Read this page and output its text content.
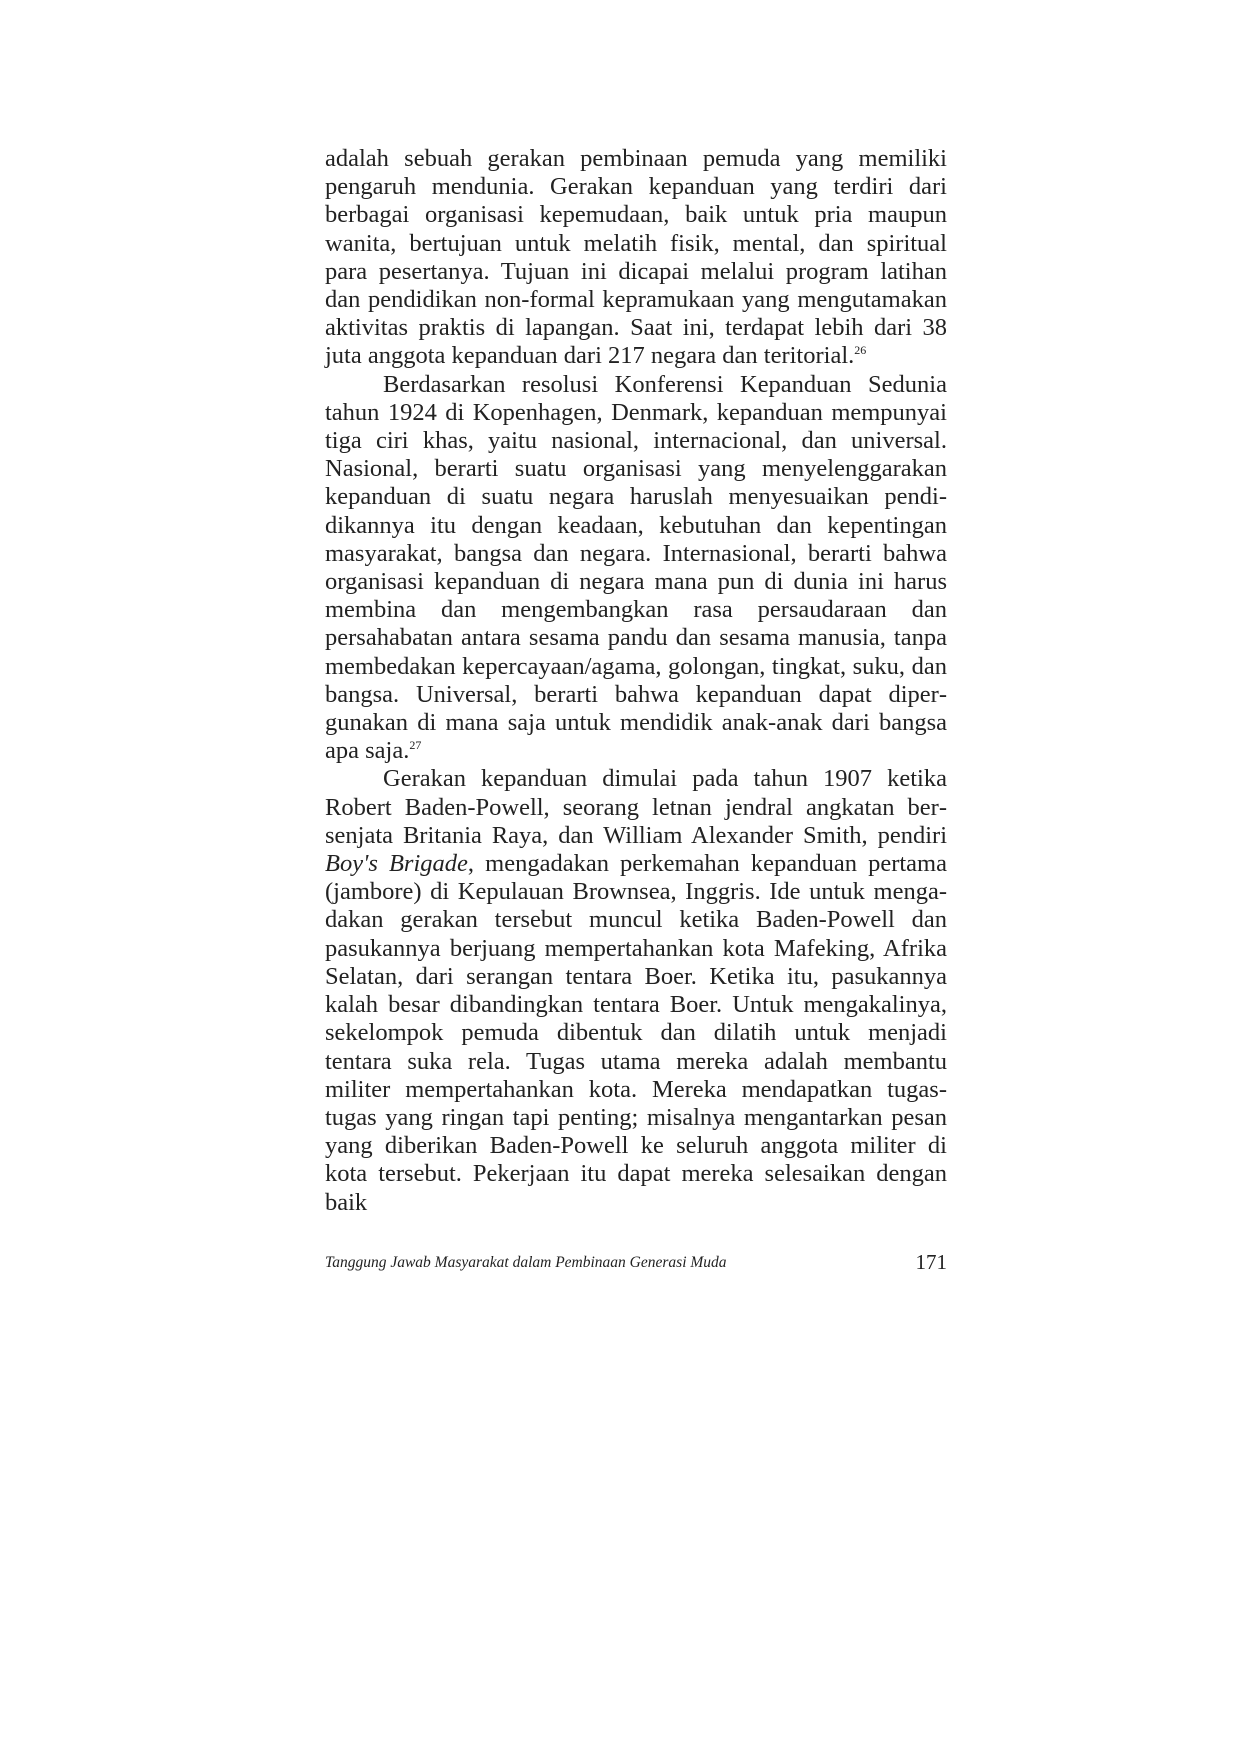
adalah sebuah gerakan pembinaan pemuda yang memiliki pengaruh mendunia. Gerakan kepanduan yang terdiri dari berbagai organisasi kepemudaan, baik untuk pria maupun wanita, bertujuan untuk melatih fisik, mental, dan spiritual para pesertanya. Tujuan ini dicapai melalui program latihan dan pendidikan non-formal kepramukaan yang mengutamakan aktivitas praktis di lapangan. Saat ini, terdapat lebih dari 38 juta anggota kepanduan dari 217 negara dan teritorial.$^{26}$

Berdasarkan resolusi Konferensi Kepanduan Sedunia tahun 1924 di Kopenhagen, Denmark, kepanduan mempunyai tiga ciri khas, yaitu nasional, internacional, dan universal. Nasional, berarti suatu organisasi yang menyelenggarakan kepanduan di suatu negara haruslah menyesuaikan pendidikannya itu dengan keadaan, kebutuhan dan kepentingan masyarakat, bangsa dan negara. Internasional, berarti bahwa organisasi kepanduan di negara mana pun di dunia ini harus membina dan mengembangkan rasa persaudaraan dan persahabatan antara sesama pandu dan sesama manusia, tanpa membedakan kepercayaan/agama, golongan, tingkat, suku, dan bangsa. Universal, berarti bahwa kepanduan dapat dipergunakan di mana saja untuk mendidik anak-anak dari bangsa apa saja.$^{27}$

Gerakan kepanduan dimulai pada tahun 1907 ketika Robert Baden-Powell, seorang letnan jendral angkatan bersenjata Britania Raya, dan William Alexander Smith, pendiri Boy's Brigade, mengadakan perkemahan kepanduan pertama (jambore) di Kepulauan Brownsea, Inggris. Ide untuk mengadakan gerakan tersebut muncul ketika Baden-Powell dan pasukannya berjuang mempertahankan kota Mafeking, Afrika Selatan, dari serangan tentara Boer. Ketika itu, pasukannya kalah besar dibandingkan tentara Boer. Untuk mengakalinya, sekelompok pemuda dibentuk dan dilatih untuk menjadi tentara suka rela. Tugas utama mereka adalah membantu militer mempertahankan kota. Mereka mendapatkan tugas-tugas yang ringan tapi penting; misalnya mengantarkan pesan yang diberikan Baden-Powell ke seluruh anggota militer di kota tersebut. Pekerjaan itu dapat mereka selesaikan dengan baik

Tanggung Jawab Masyarakat dalam Pembinaan Generasi Muda	171
